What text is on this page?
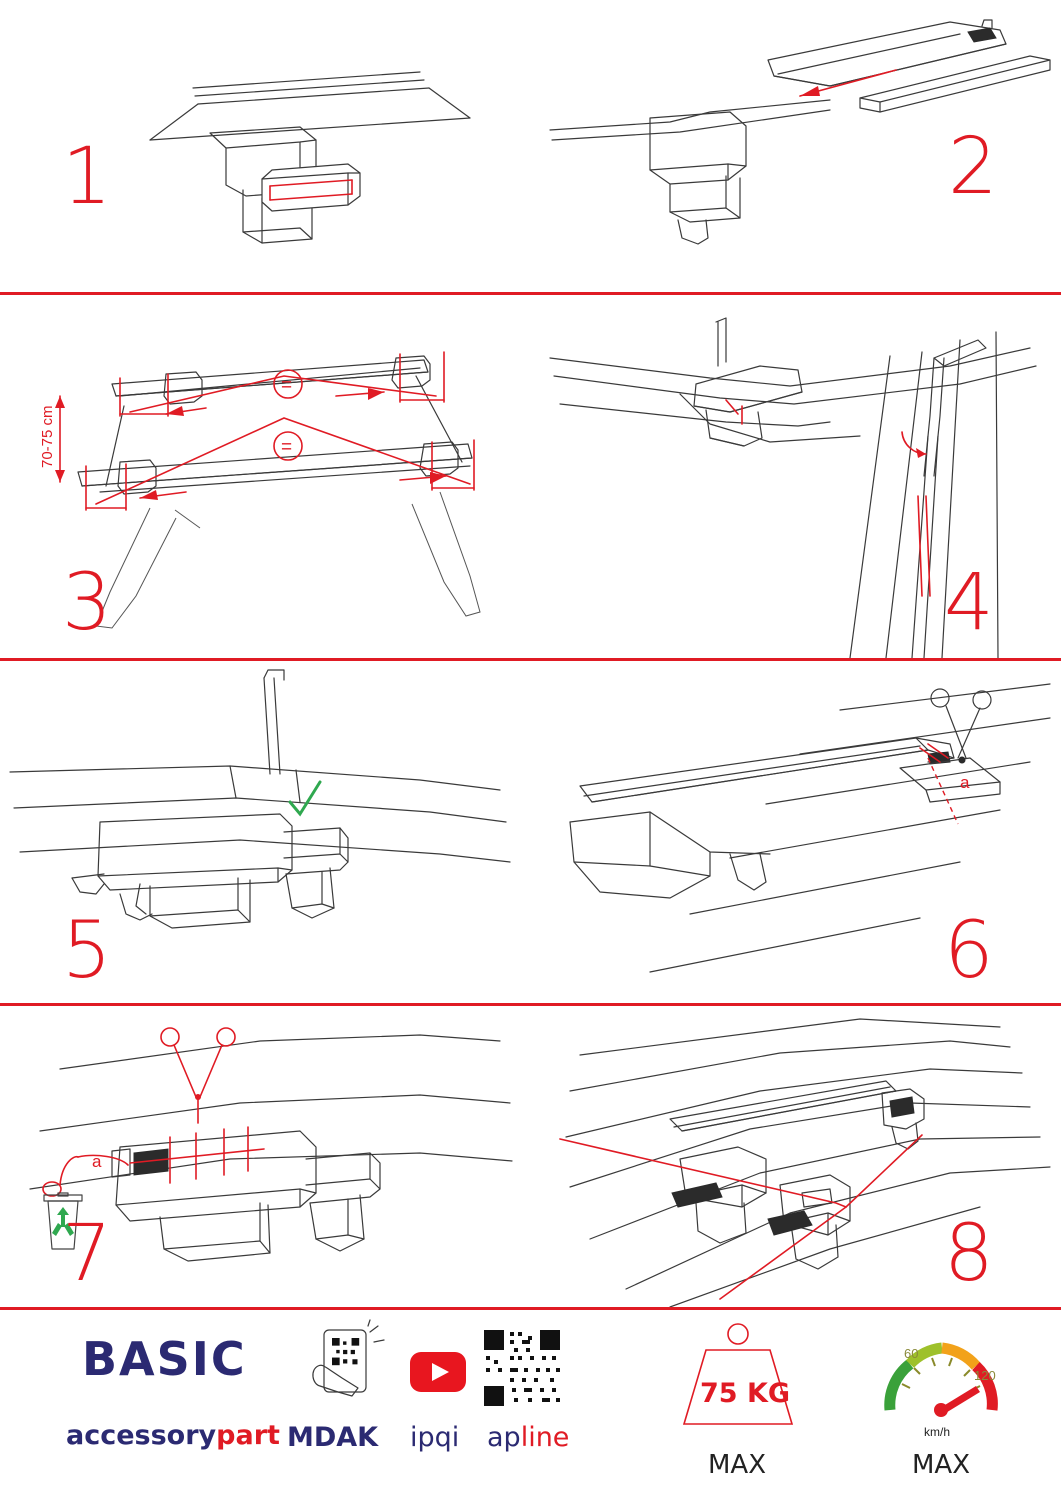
1	2
=
=
70-75 cm
3	4
5
a
6
a
7	8
BASIC
accessorypart MDAK ipqi apline
75 KG
MAX
60
120
km/h
MAX
